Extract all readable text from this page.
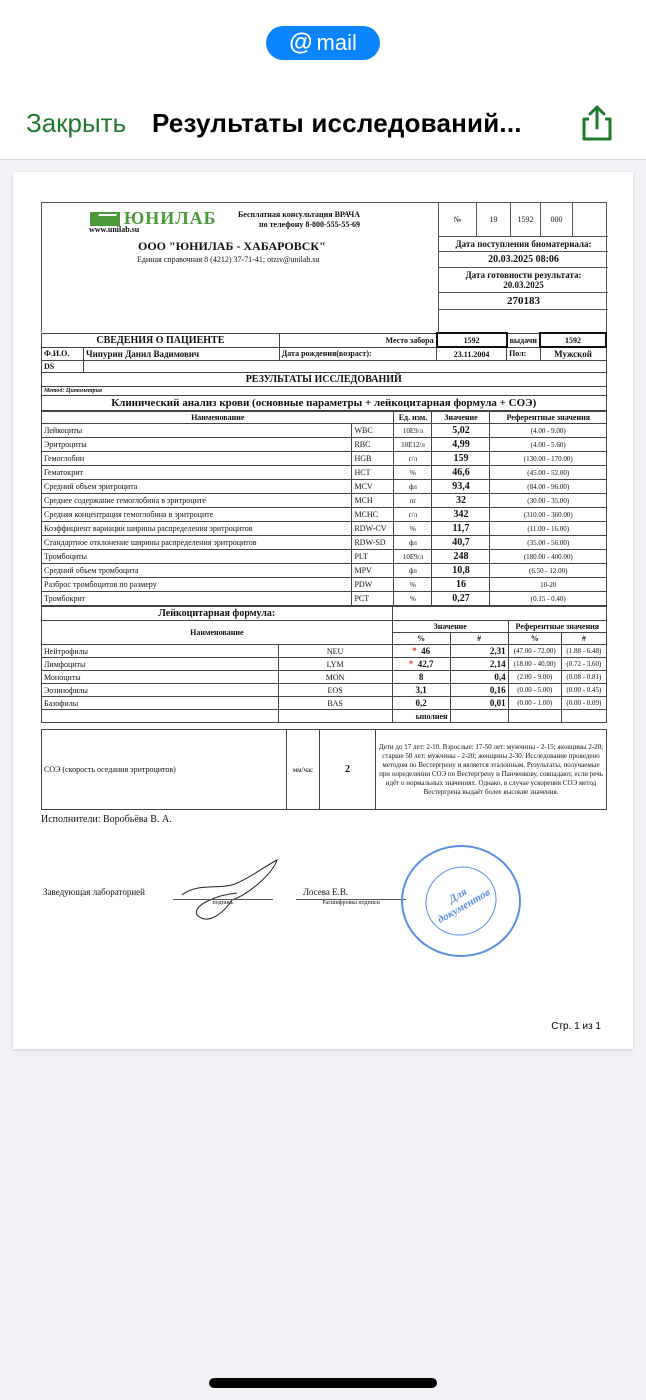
@ mail
Закрыть Результаты исследований...
ЮНИЛАБ
www.unilab.su
Бесплатная консультация ВРАЧА
по телефону 8-800-555-55-69
ООО "ЮНИЛАБ - ХАБАРОВСК"
Единая справочная 8 (4212) 37-71-41; otziv@unilab.su
№	19	1592	000
Дата поступления биоматериала:
20.03.2025 08:06
Дата готовности результата:
20.03.2025
270183
СВЕДЕНИЯ О ПАЦИЕНТЕ		Место забора	1592	выдачи	1592
Ф.И.О.	Чипурин Данил Вадимович	Дата рождения(возраст):	23.11.2004	Пол:	Мужской
DS					
РЕЗУЛЬТАТЫ ИССЛЕДОВАНИЙ					
Метод: Цитометрия					
Клинический анализ крови (основные параметры + лейкоцитарная формула + СОЭ)					
Наименование		Ед. изм.	Значение	Референтные значения
Лейкоциты	WBC	10E9/л	5,02	(4.00 - 9.00)
Эритроциты	RBC	10E12/л	4,99	(4.00 - 5.60)
Гемоглобин	HGB	г/л	159	(130.00 - 170.00)
Гематокрит	HCT	%	46,6	(45.00 - 52.00)
Средний объем эритроцита	MCV	фл	93,4	(84.00 - 96.00)
Среднее содержание гемоглобина в эритроците	MCH	пг	32	(30.00 - 35.00)
Средняя концентрация гемоглобина в эритроците	MCHC	г/л	342	(310.00 - 360.00)
Коэффициент вариации ширины распределения эритроцитов	RDW-CV	%	11,7	(11.00 - 16.00)
Стандартное отклонение ширины распределения эритроцитов	RDW-SD	фл	40,7	(35.00 - 56.00)
Тромбоциты	PLT	10E9/л	248	(180.00 - 400.00)
Средний объем тромбоцита	MPV	фл	10,8	(6.50 - 12.00)
Разброс тромбоцитов по размеру	PDW	%	16	10-20
Тромбокрит	PCT	%	0,27	(0.15 - 0.40)
Лейкоцитарная формула:					
Наименование		Значение		Референтные значения	
		%	#	%	#
Нейтрофилы	NEU	* 46	2,31	(47.00 - 72.00)	(1.88 - 6.48)
Лимфоциты	LYM	* 42,7	2,14	(18.00 - 40.00)	(0.72 - 3.60)
Моноциты	MON	8	0,4	(2.00 - 9.00)	(0.08 - 0.81)
Эозинофилы	EOS	3,1	0,16	(0.00 - 5.00)	(0.00 - 0.45)
Базофилы	BAS	0,2	0,01	(0.00 - 1.00)	(0.00 - 0.09)
		ыполнен			
СОЭ (скорость оседания эритроцитов)	мм/час	2	Дети до 17 лет: 2-10. Взрослые: 17-50 лет: мужчины - 2-15; женщины 2-20; старше 50 лет: мужчины - 2-20; женщины 2-30. Исследование проведено методом по Вестергрену и является эталонным. Результаты, получаемые при определении СОЭ по Вестергрену и Панченкову, совпадают, если речь идёт о нормальных значениях. Однако, в случае ускорения СОЭ метод Вестергрена выдаёт более высокие значения.
Исполнители: Воробьёва В. А.
Заведующая лабораторией
подпись
Лосева Е.В.
Расшифровка подписи	Для документов
Стр. 1 из 1
